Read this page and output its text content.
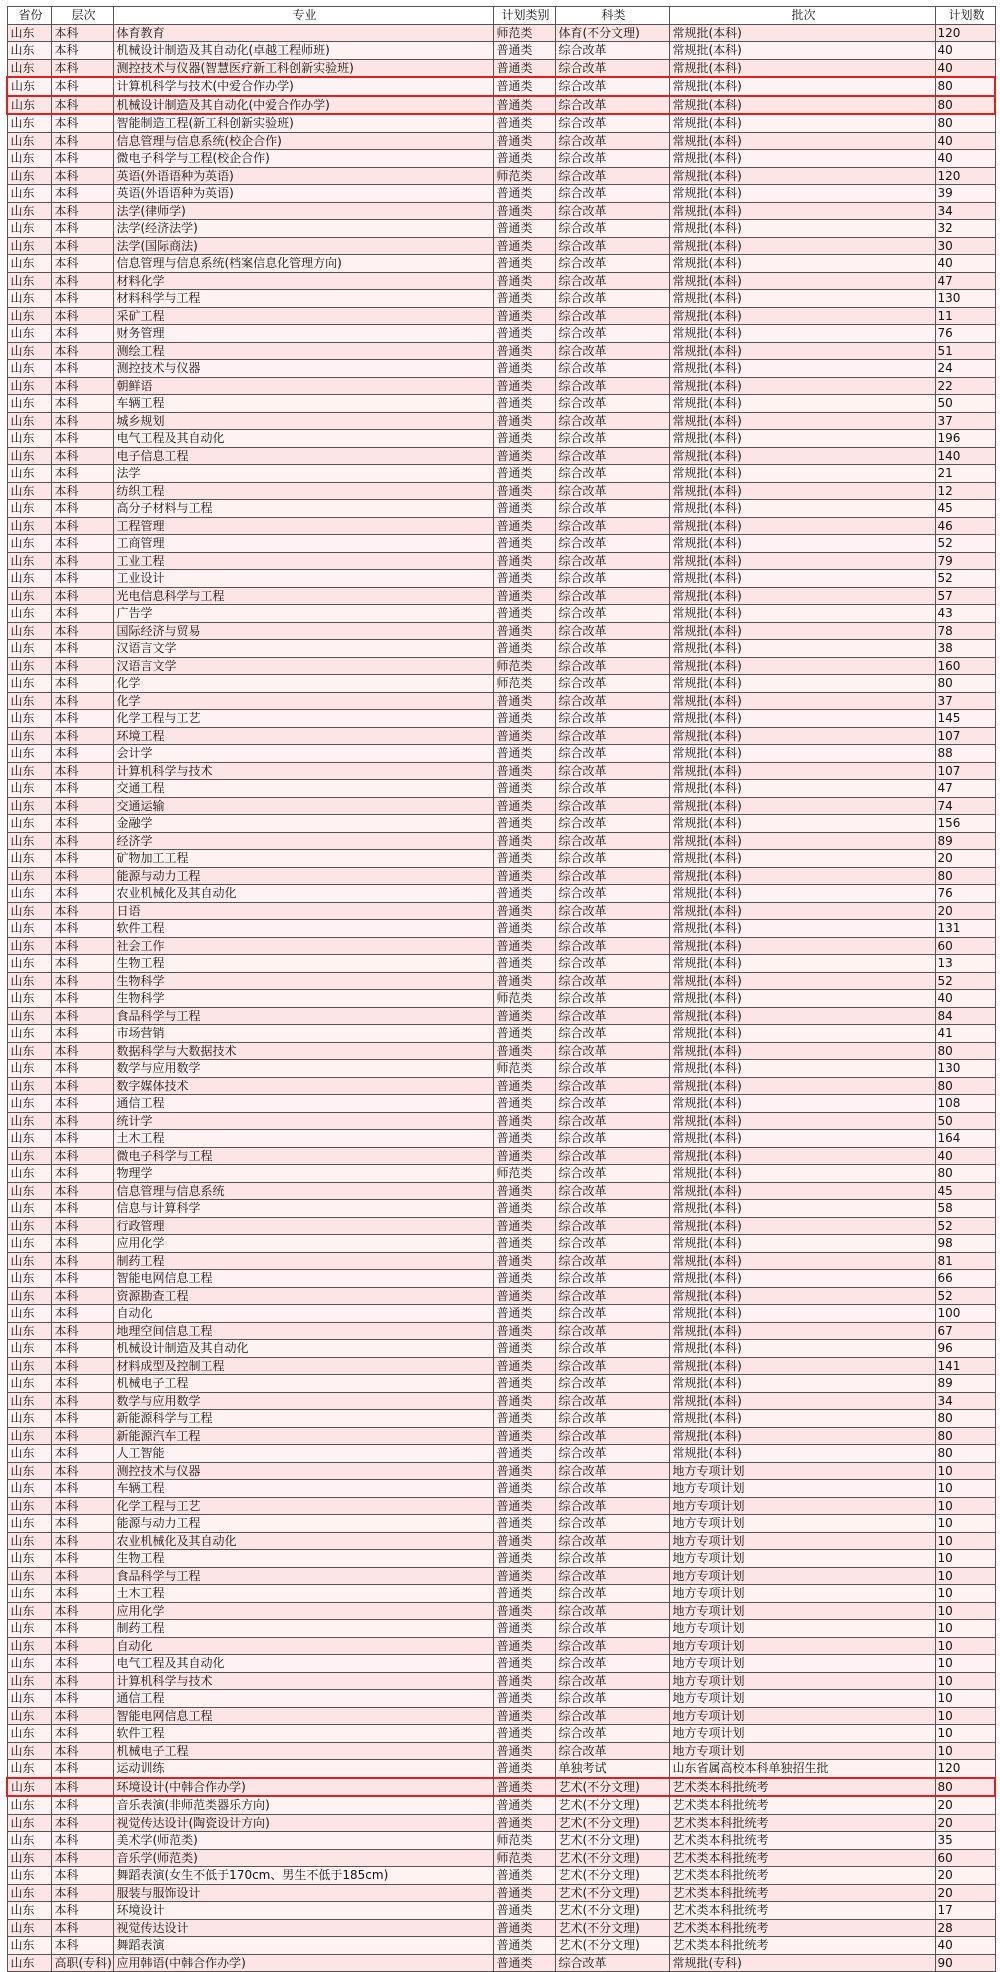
省份	层次	专业	计划类别	科类	批次	计划数
山东	本科	体育教育	师范类	体育(不分文理)	常规批(本科)	120
山东	本科	机械设计制造及其自动化(卓越工程师班)	普通类	综合改革	常规批(本科)	40
山东	本科	测控技术与仪器(智慧医疗新工科创新实验班)	普通类	综合改革	常规批(本科)	40
山东	本科	计算机科学与技术(中爱合作办学)	普通类	综合改革	常规批(本科)	80
山东	本科	机械设计制造及其自动化(中爱合作办学)	普通类	综合改革	常规批(本科)	80
山东	本科	智能制造工程(新工科创新实验班)	普通类	综合改革	常规批(本科)	80
山东	本科	信息管理与信息系统(校企合作)	普通类	综合改革	常规批(本科)	40
山东	本科	微电子科学与工程(校企合作)	普通类	综合改革	常规批(本科)	40
山东	本科	英语(外语语种为英语)	师范类	综合改革	常规批(本科)	120
山东	本科	英语(外语语种为英语)	普通类	综合改革	常规批(本科)	39
山东	本科	法学(律师学)	普通类	综合改革	常规批(本科)	34
山东	本科	法学(经济法学)	普通类	综合改革	常规批(本科)	32
山东	本科	法学(国际商法)	普通类	综合改革	常规批(本科)	30
山东	本科	信息管理与信息系统(档案信息化管理方向)	普通类	综合改革	常规批(本科)	40
山东	本科	材料化学	普通类	综合改革	常规批(本科)	47
山东	本科	材料科学与工程	普通类	综合改革	常规批(本科)	130
山东	本科	采矿工程	普通类	综合改革	常规批(本科)	11
山东	本科	财务管理	普通类	综合改革	常规批(本科)	76
山东	本科	测绘工程	普通类	综合改革	常规批(本科)	51
山东	本科	测控技术与仪器	普通类	综合改革	常规批(本科)	24
山东	本科	朝鲜语	普通类	综合改革	常规批(本科)	22
山东	本科	车辆工程	普通类	综合改革	常规批(本科)	50
山东	本科	城乡规划	普通类	综合改革	常规批(本科)	37
山东	本科	电气工程及其自动化	普通类	综合改革	常规批(本科)	196
山东	本科	电子信息工程	普通类	综合改革	常规批(本科)	140
山东	本科	法学	普通类	综合改革	常规批(本科)	21
山东	本科	纺织工程	普通类	综合改革	常规批(本科)	12
山东	本科	高分子材料与工程	普通类	综合改革	常规批(本科)	45
山东	本科	工程管理	普通类	综合改革	常规批(本科)	46
山东	本科	工商管理	普通类	综合改革	常规批(本科)	52
山东	本科	工业工程	普通类	综合改革	常规批(本科)	79
山东	本科	工业设计	普通类	综合改革	常规批(本科)	52
山东	本科	光电信息科学与工程	普通类	综合改革	常规批(本科)	57
山东	本科	广告学	普通类	综合改革	常规批(本科)	43
山东	本科	国际经济与贸易	普通类	综合改革	常规批(本科)	78
山东	本科	汉语言文学	普通类	综合改革	常规批(本科)	38
山东	本科	汉语言文学	师范类	综合改革	常规批(本科)	160
山东	本科	化学	师范类	综合改革	常规批(本科)	80
山东	本科	化学	普通类	综合改革	常规批(本科)	37
山东	本科	化学工程与工艺	普通类	综合改革	常规批(本科)	145
山东	本科	环境工程	普通类	综合改革	常规批(本科)	107
山东	本科	会计学	普通类	综合改革	常规批(本科)	88
山东	本科	计算机科学与技术	普通类	综合改革	常规批(本科)	107
山东	本科	交通工程	普通类	综合改革	常规批(本科)	47
山东	本科	交通运输	普通类	综合改革	常规批(本科)	74
山东	本科	金融学	普通类	综合改革	常规批(本科)	156
山东	本科	经济学	普通类	综合改革	常规批(本科)	89
山东	本科	矿物加工工程	普通类	综合改革	常规批(本科)	20
山东	本科	能源与动力工程	普通类	综合改革	常规批(本科)	80
山东	本科	农业机械化及其自动化	普通类	综合改革	常规批(本科)	76
山东	本科	日语	普通类	综合改革	常规批(本科)	20
山东	本科	软件工程	普通类	综合改革	常规批(本科)	131
山东	本科	社会工作	普通类	综合改革	常规批(本科)	60
山东	本科	生物工程	普通类	综合改革	常规批(本科)	13
山东	本科	生物科学	普通类	综合改革	常规批(本科)	52
山东	本科	生物科学	师范类	综合改革	常规批(本科)	40
山东	本科	食品科学与工程	普通类	综合改革	常规批(本科)	84
山东	本科	市场营销	普通类	综合改革	常规批(本科)	41
山东	本科	数据科学与大数据技术	普通类	综合改革	常规批(本科)	80
山东	本科	数学与应用数学	师范类	综合改革	常规批(本科)	130
山东	本科	数字媒体技术	普通类	综合改革	常规批(本科)	80
山东	本科	通信工程	普通类	综合改革	常规批(本科)	108
山东	本科	统计学	普通类	综合改革	常规批(本科)	50
山东	本科	土木工程	普通类	综合改革	常规批(本科)	164
山东	本科	微电子科学与工程	普通类	综合改革	常规批(本科)	40
山东	本科	物理学	师范类	综合改革	常规批(本科)	80
山东	本科	信息管理与信息系统	普通类	综合改革	常规批(本科)	45
山东	本科	信息与计算科学	普通类	综合改革	常规批(本科)	58
山东	本科	行政管理	普通类	综合改革	常规批(本科)	52
山东	本科	应用化学	普通类	综合改革	常规批(本科)	98
山东	本科	制药工程	普通类	综合改革	常规批(本科)	81
山东	本科	智能电网信息工程	普通类	综合改革	常规批(本科)	66
山东	本科	资源勘查工程	普通类	综合改革	常规批(本科)	52
山东	本科	自动化	普通类	综合改革	常规批(本科)	100
山东	本科	地理空间信息工程	普通类	综合改革	常规批(本科)	67
山东	本科	机械设计制造及其自动化	普通类	综合改革	常规批(本科)	96
山东	本科	材料成型及控制工程	普通类	综合改革	常规批(本科)	141
山东	本科	机械电子工程	普通类	综合改革	常规批(本科)	89
山东	本科	数学与应用数学	普通类	综合改革	常规批(本科)	34
山东	本科	新能源科学与工程	普通类	综合改革	常规批(本科)	80
山东	本科	新能源汽车工程	普通类	综合改革	常规批(本科)	80
山东	本科	人工智能	普通类	综合改革	常规批(本科)	80
山东	本科	测控技术与仪器	普通类	综合改革	地方专项计划	10
山东	本科	车辆工程	普通类	综合改革	地方专项计划	10
山东	本科	化学工程与工艺	普通类	综合改革	地方专项计划	10
山东	本科	能源与动力工程	普通类	综合改革	地方专项计划	10
山东	本科	农业机械化及其自动化	普通类	综合改革	地方专项计划	10
山东	本科	生物工程	普通类	综合改革	地方专项计划	10
山东	本科	食品科学与工程	普通类	综合改革	地方专项计划	10
山东	本科	土木工程	普通类	综合改革	地方专项计划	10
山东	本科	应用化学	普通类	综合改革	地方专项计划	10
山东	本科	制药工程	普通类	综合改革	地方专项计划	10
山东	本科	自动化	普通类	综合改革	地方专项计划	10
山东	本科	电气工程及其自动化	普通类	综合改革	地方专项计划	10
山东	本科	计算机科学与技术	普通类	综合改革	地方专项计划	10
山东	本科	通信工程	普通类	综合改革	地方专项计划	10
山东	本科	智能电网信息工程	普通类	综合改革	地方专项计划	10
山东	本科	软件工程	普通类	综合改革	地方专项计划	10
山东	本科	机械电子工程	普通类	综合改革	地方专项计划	10
山东	本科	运动训练	普通类	单独考试	山东省属高校本科单独招生批	120
山东	本科	环境设计(中韩合作办学)	普通类	艺术(不分文理)	艺术类本科批统考	80
山东	本科	音乐表演(非师范类器乐方向)	普通类	艺术(不分文理)	艺术类本科批统考	20
山东	本科	视觉传达设计(陶瓷设计方向)	普通类	艺术(不分文理)	艺术类本科批统考	20
山东	本科	美术学(师范类)	师范类	艺术(不分文理)	艺术类本科批统考	35
山东	本科	音乐学(师范类)	师范类	艺术(不分文理)	艺术类本科批统考	60
山东	本科	舞蹈表演(女生不低于170cm、男生不低于185cm)	普通类	艺术(不分文理)	艺术类本科批统考	20
山东	本科	服装与服饰设计	普通类	艺术(不分文理)	艺术类本科批统考	20
山东	本科	环境设计	普通类	艺术(不分文理)	艺术类本科批统考	17
山东	本科	视觉传达设计	普通类	艺术(不分文理)	艺术类本科批统考	28
山东	本科	舞蹈表演	普通类	艺术(不分文理)	艺术类本科批统考	40
山东	高职(专科)	应用韩语(中韩合作办学)	普通类	综合改革	常规批(专科)	90
